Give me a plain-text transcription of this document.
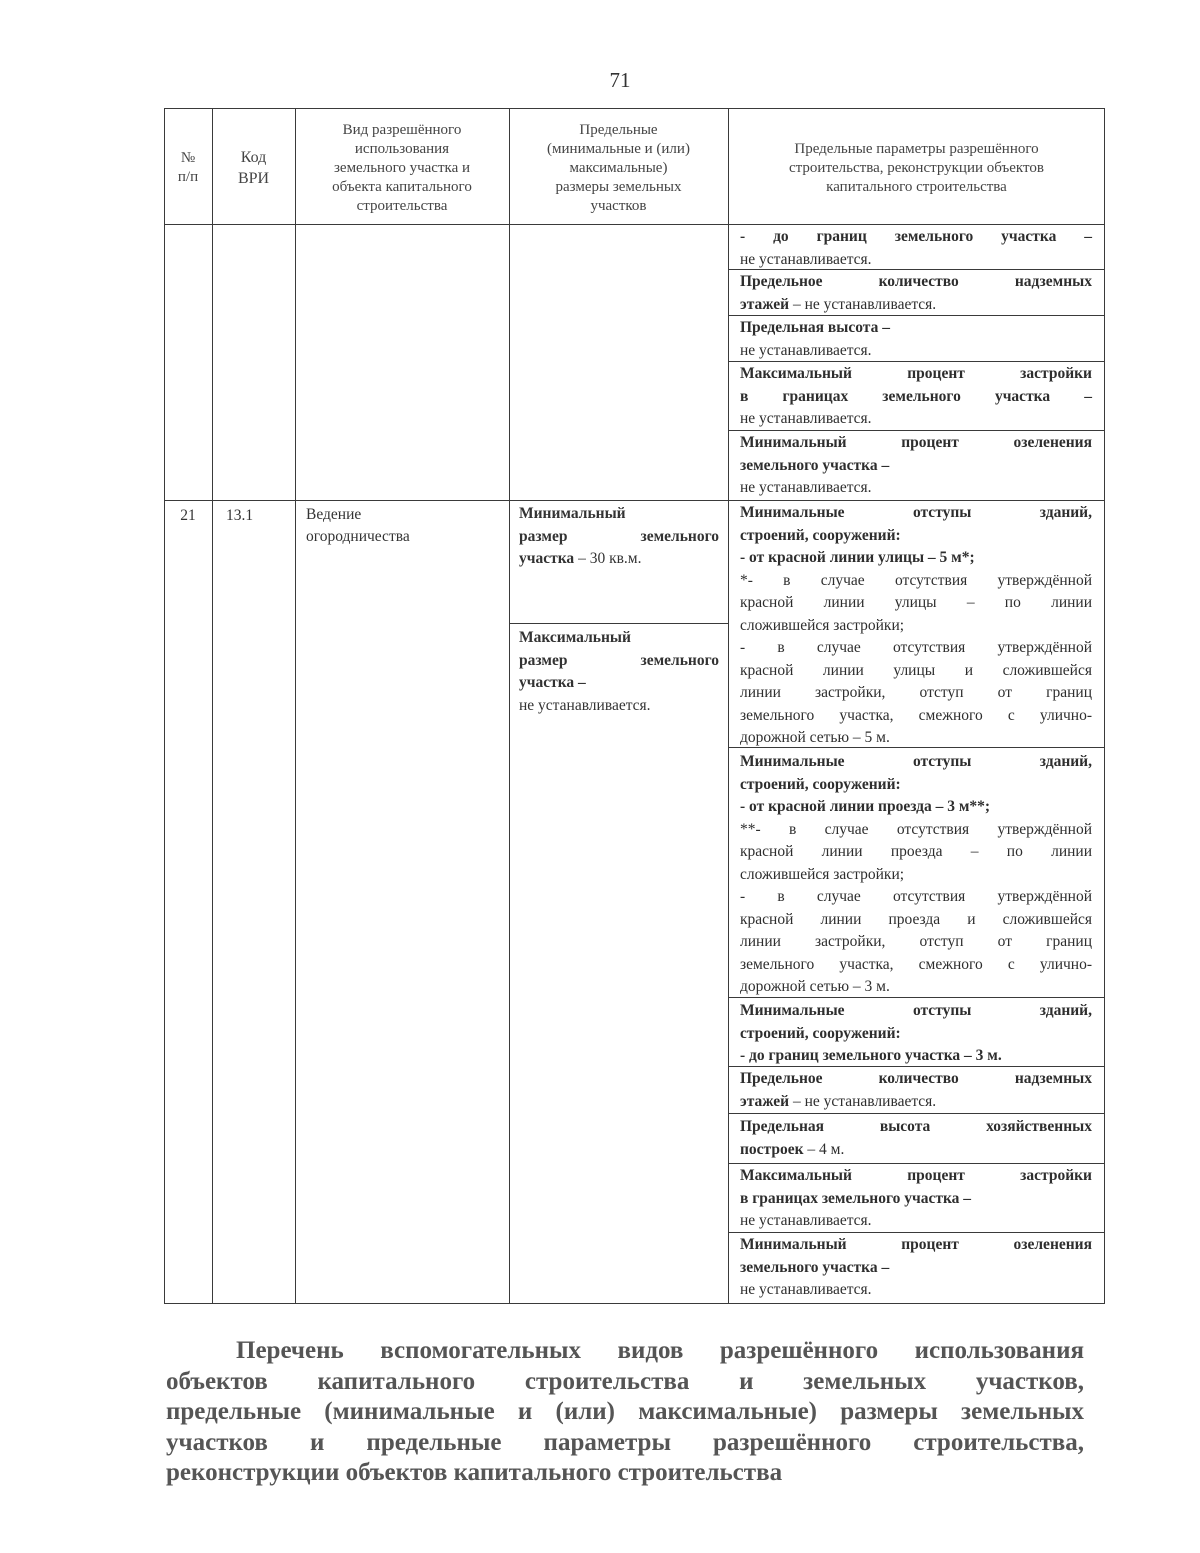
71
№
п/п
Код
ВРИ
Вид разрешённого
использования
земельного участка и
объекта капитального
строительства
Предельные
(минимальные и (или)
максимальные)
размеры земельных
участков
Предельные параметры разрешённого
строительства, реконструкции объектов
капитального строительства
- до границ земельного участка –
не устанавливается.
Предельное количество надземных
этажей – не устанавливается.
Предельная высота –
не устанавливается.
Максимальный процент застройки
в границах земельного участка –
не устанавливается.
Минимальный процент озеленения
земельного участка –
не устанавливается.
21	13.1	Ведение
огородничества
Минимальный
размер земельного
участка – 30 кв.м.
Максимальный
размер земельного
участка –
не устанавливается.
Минимальные отступы зданий,
строений, сооружений:
- от красной линии улицы – 5 м*;
*- в случае отсутствия утверждённой
красной линии улицы – по линии
сложившейся застройки;
- в случае отсутствия утверждённой
красной линии улицы и сложившейся
линии застройки, отступ от границ
земельного участка, смежного с улично-
дорожной сетью – 5 м.
Минимальные отступы зданий,
строений, сооружений:
- от красной линии проезда – 3 м**;
**- в случае отсутствия утверждённой
красной линии проезда – по линии
сложившейся застройки;
- в случае отсутствия утверждённой
красной линии проезда и сложившейся
линии застройки, отступ от границ
земельного участка, смежного с улично-
дорожной сетью – 3 м.
Минимальные отступы зданий,
строений, сооружений:
- до границ земельного участка – 3 м.
Предельное количество надземных
этажей – не устанавливается.
Предельная высота хозяйственных
построек – 4 м.
Максимальный процент застройки
в границах земельного участка –
не устанавливается.
Минимальный процент озеленения
земельного участка –
не устанавливается.
Перечень вспомогательных видов разрешённого использования
объектов капитального строительства и земельных участков,
предельные (минимальные и (или) максимальные) размеры земельных
участков и предельные параметры разрешённого строительства,
реконструкции объектов капитального строительства
